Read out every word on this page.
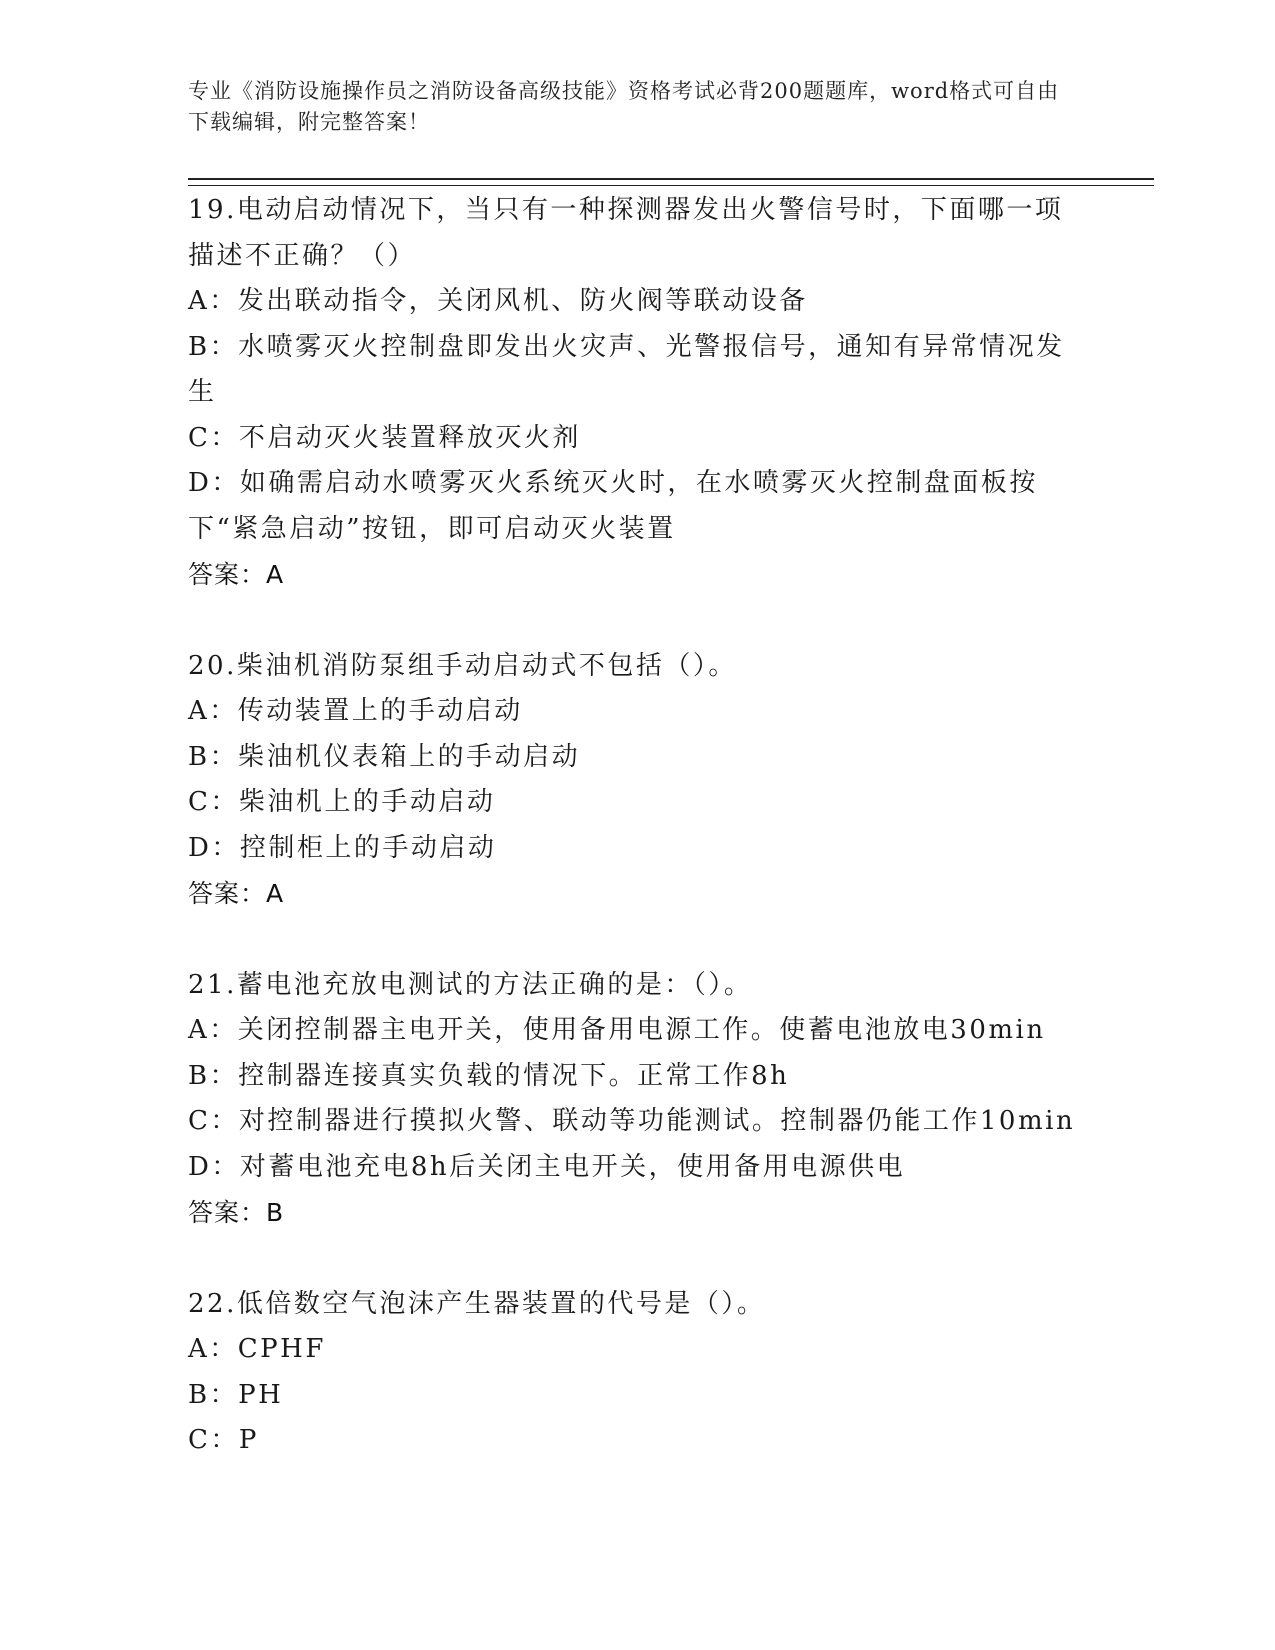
专业《消防设施操作员之消防设备高级技能》资格考试必背200题题库，word格式可自由下载编辑，附完整答案！
19.电动启动情况下，当只有一种探测器发出火警信号时，下面哪一项描述不正确？（）
A：发出联动指令，关闭风机、防火阀等联动设备
B：水喷雾灭火控制盘即发出火灾声、光警报信号，通知有异常情况发生
C：不启动灭火装置释放灭火剂
D：如确需启动水喷雾灭火系统灭火时，在水喷雾灭火控制盘面板按下“紧急启动”按钮，即可启动灭火装置
答案：A
20.柴油机消防泵组手动启动式不包括（）。
A：传动装置上的手动启动
B：柴油机仪表箱上的手动启动
C：柴油机上的手动启动
D：控制柜上的手动启动
答案：A
21.蓄电池充放电测试的方法正确的是：（）。
A：关闭控制器主电开关，使用备用电源工作。使蓄电池放电30min
B：控制器连接真实负载的情况下。正常工作8h
C：对控制器进行摸拟火警、联动等功能测试。控制器仍能工作10min
D：对蓄电池充电8h后关闭主电开关，使用备用电源供电
答案：B
22.低倍数空气泡沫产生器装置的代号是（）。
A：CPHF
B：PH
C：P
